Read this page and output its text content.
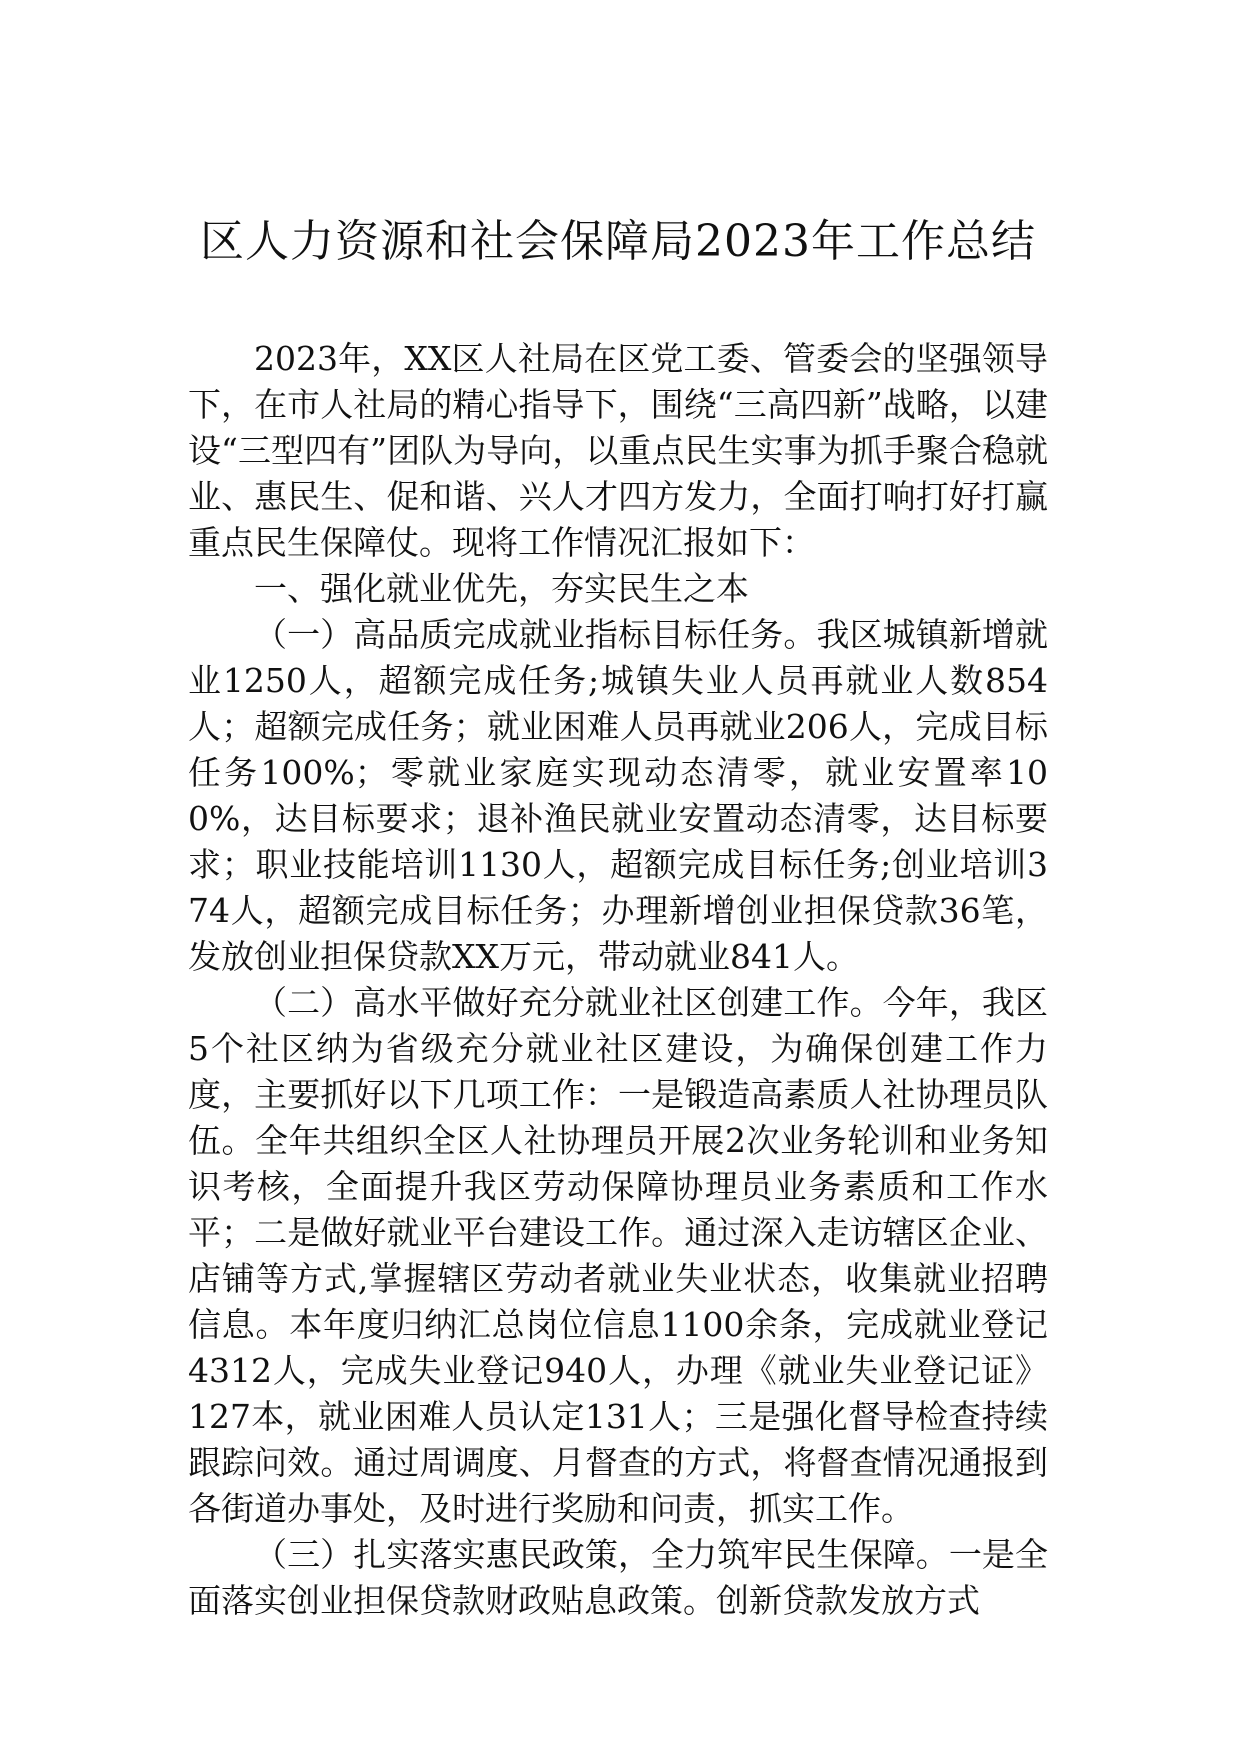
区人力资源和社会保障局2023年工作总结

2023年，XX区人社局在区党工委、管委会的坚强领导下，在市人社局的精心指导下，围绕“三高四新”战略，以建设“三型四有”团队为导向，以重点民生实事为抓手聚合稳就业、惠民生、促和谐、兴人才四方发力，全面打响打好打赢重点民生保障仗。现将工作情况汇报如下：

一、强化就业优先，夯实民生之本

（一）高品质完成就业指标目标任务。我区城镇新增就业1250人，超额完成任务;城镇失业人员再就业人数854人；超额完成任务；就业困难人员再就业206人，完成目标任务100%；零就业家庭实现动态清零，就业安置率100%，达目标要求；退补渔民就业安置动态清零，达目标要求；职业技能培训1130人，超额完成目标任务;创业培训374人，超额完成目标任务；办理新增创业担保贷款36笔，发放创业担保贷款XX万元，带动就业841人。

（二）高水平做好充分就业社区创建工作。今年，我区5个社区纳为省级充分就业社区建设，为确保创建工作力度，主要抓好以下几项工作：一是锻造高素质人社协理员队伍。全年共组织全区人社协理员开展2次业务轮训和业务知识考核，全面提升我区劳动保障协理员业务素质和工作水平；二是做好就业平台建设工作。通过深入走访辖区企业、店铺等方式,掌握辖区劳动者就业失业状态，收集就业招聘信息。本年度归纳汇总岗位信息1100余条，完成就业登记4312人，完成失业登记940人，办理《就业失业登记证》127本，就业困难人员认定131人；三是强化督导检查持续跟踪问效。通过周调度、月督查的方式，将督查情况通报到各街道办事处，及时进行奖励和问责，抓实工作。

（三）扎实落实惠民政策，全力筑牢民生保障。一是全面落实创业担保贷款财政贴息政策。创新贷款发放方式
